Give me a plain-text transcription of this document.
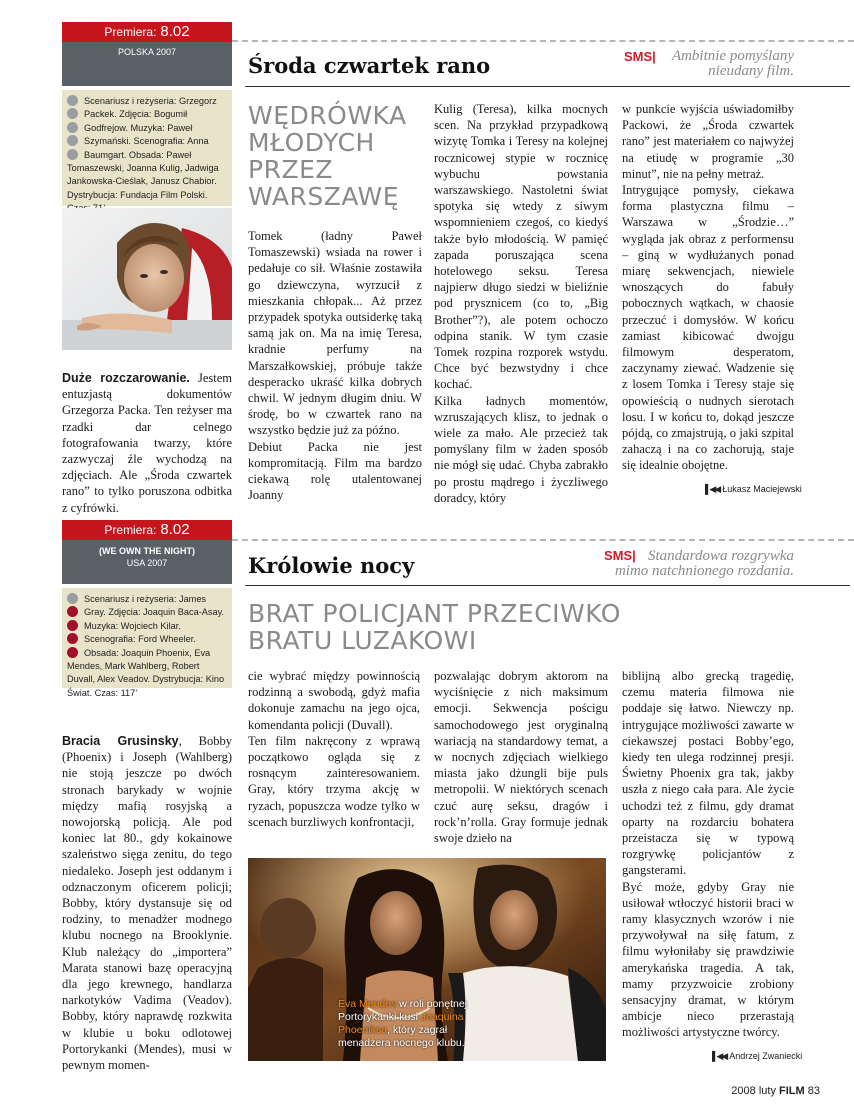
Premiera: 8.02
POLSKA 2007
Środa czwartek rano	SMS| Ambitnie pomyślany
nieudany film.
Scenariusz i reżyseria: Grzegorz Packek. Zdjęcia: Bogumił Godfrejow. Muzyka: Paweł Szymański. Scenografia: Anna Baumgart. Obsada: Paweł Tomaszewski, Joanna Kulig, Jadwiga Jankowska-Cieślak, Janusz Chabior. Dystrybucja: Fundacja Film Polski.

Duże rozczarowanie. Jestem entuzjastą dokumentów Grzegorza Packa. Ten reżyser ma rzadki dar celnego fotografowania twarzy, które zazwyczaj źle wychodzą na zdjęciach. Ale „Środa czwartek rano” to tylko poruszona odbitka z cyfrówki.

WĘDRÓWKA
MŁODYCH
PRZEZ
WARSZAWĘ

Tomek (ładny Paweł Tomaszewski) wsiada na rower i pedałuje co sił. Właśnie zostawiła go dziewczyna, wyrzucił z mieszkania chłopak... Aż przez przypadek spotyka outsiderkę taką samą jak on. Ma na imię Teresa, kradnie perfumy na Marszałkowskiej, próbuje także desperacko ukraść kilka dobrych chwil. W jednym długim dniu. W środę, bo w czwartek rano na wszystko będzie już za późno.

Debiut Packa nie jest kompromitacją. Film ma bardzo ciekawą rolę utalentowanej Joanny

Kulig (Teresa), kilka mocnych scen. Na przykład przypadkową wizytę Tomka i Teresy na kolejnej rocznicowej stypie w rocznicę wybuchu powstania warszawskiego. Nastoletni świat spotyka się wtedy z siwym wspomnieniem czegoś, co kiedyś także było młodością. W pamięć zapada poruszająca scena hotelowego seksu. Teresa najpierw długo siedzi w bieliźnie pod prysznicem (co to, „Big Brother”?), ale potem ochoczo odpina stanik. W tym czasie Tomek rozpina rozporek wstydu. Chce być bezwstydny i chce kochać.

Kilka ładnych momentów, wzruszających klisz, to jednak o wiele za mało. Ale przecież tak pomyślany film w żaden sposób nie mógł się udać. Chyba zabrakło po prostu mądrego i życzliwego doradcy, który

w punkcie wyjścia uświadomiłby Packowi, że „Środa czwartek rano” jest materiałem co najwyżej na etiudę w programie „30 minut”, nie na pełny metraż.

Intrygujące pomysły, ciekawa forma plastyczna filmu – Warszawa w „Środzie…” wygląda jak obraz z performensu – giną w wydłużanych ponad miarę sekwencjach, niewiele wnoszących do fabuły pobocznych wątkach, w chaosie przeczuć i domysłów. W końcu zamiast kibicować dwojgu filmowym desperatom, zaczynamy ziewać. Wadzenie się z losem Tomka i Teresy staje się opowieścią o nudnych sierotach losu. I w końcu to, dokąd jeszcze pójdą, co zmajstrują, o jaki szpital zahaczą i na co zachorują, staje się idealnie obojętne.

▌◀◀ Łukasz Maciejewski
Premiera: 8.02
(WE OWN THE NIGHT)
USA 2007	Królowie nocy	SMS| Standardowa rozgrywka
mimo natchnionego rozdania.
Scenariusz i reżyseria: James Gray. Zdjęcia: Joaquin Baca-Asay. Muzyka: Wojciech Kilar. Scenografia: Ford Wheeler. Obsada: Joaquin Phoenix, Eva Mendes, Mark Wahlberg, Robert Duvall, Alex Veadov. Dystrybucja: Kino Świat. Czas: 117’
BRAT POLICJANT PRZECIWKO
BRATU LUZAKOWI

Bracia Grusinsky, Bobby (Phoenix) i Joseph (Wahlberg) nie stoją jeszcze po dwóch stronach barykady w wojnie między mafią rosyjską a nowojorską policją. Ale pod koniec lat 80., gdy kokainowe szaleństwo sięga zenitu, do tego niedaleko. Joseph jest oddanym i odznaczonym oficerem policji; Bobby, który dystansuje się od rodziny, to menadżer modnego klubu nocnego na Brooklynie. Klub należący do „importera” Marata stanowi bazę operacyjną dla jego krewnego, handlarza narkotyków Vadima (Veadov). Bobby, który naprawdę rozkwita w klubie u boku odlotowej Portorykanki (Mendes), musi w pewnym momen-

cie wybrać między powinnością rodzinną a swobodą, gdyż mafia dokonuje zamachu na jego ojca, komendanta policji (Duvall).

Ten film nakręcony z wprawą początkowo ogląda się z rosnącym zainteresowaniem. Gray, który trzyma akcję w ryzach, popuszcza wodze tylko w scenach burzliwych konfrontacji,

pozwalając dobrym aktorom na wyciśnięcie z nich maksimum emocji. Sekwencja pościgu samochodowego jest oryginalną wariacją na standardowy temat, a w nocnych zdjęciach wielkiego miasta jako dżungli bije puls metropolii. W niektórych scenach czuć aurę seksu, dragów i rock’n’rolla. Gray formuje jednak swoje dzieło na

biblijną albo grecką tragedię, czemu materia filmowa nie poddaje się łatwo. Niewczy np. intrygujące możliwości zawarte w ciekawszej postaci Bobby’ego, kiedy ten ulega rodzinnej presji. Świetny Phoenix gra tak, jakby uszła z niego cała para. Ale życie uchodzi też z filmu, gdy dramat oparty na rozdarciu bohatera przeistacza się w typową rozgrywkę policjantów z gangsterami.

Być może, gdyby Gray nie usiłował wtłoczyć historii braci w ramy klasycznych wzorów i nie przywoływał na siłę fatum, z filmu wyłoniłaby się prawdziwie amerykańska tragedia. A tak, mamy przyzwoicie zrobiony sensacyjny dramat, w którym ambicje nieco przerastają możliwości artystyczne twórcy.

▌◀◀ Andrzej Zwaniecki
Eva Mendes w roli ponętnej
Portorykanki kusi Joaquina
Phoeniksa, który zagrał
menadżera nocnego klubu.
2008 luty FILM 83
